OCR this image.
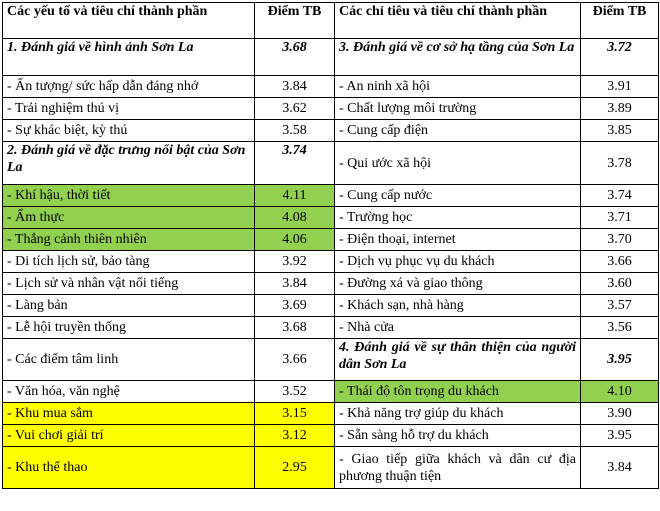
Các yếu tố và tiêu chí thành phần	Điểm TB	Các chỉ tiêu và tiêu chí thành phần	Điểm TB
1. Đánh giá về hình ảnh Sơn La	3.68	3. Đánh giá về cơ sở hạ tầng của Sơn La	3.72
- Ấn tượng/ sức hấp dẫn đáng nhớ	3.84	- An ninh xã hội	3.91
- Trải nghiệm thú vị	3.62	- Chất lượng môi trường	3.89
- Sự khác biệt, kỳ thú	3.58	- Cung cấp điện	3.85
2. Đánh giá về đặc trưng nổi bật của Sơn La	3.74	- Qui ước xã hội	3.78
- Khí hậu, thời tiết	4.11	- Cung cấp nước	3.74
- Ẩm thực	4.08	- Trường học	3.71
- Thắng cảnh thiên nhiên	4.06	- Điện thoại, internet	3.70
- Di tích lịch sử, bảo tàng	3.92	- Dịch vụ phục vụ du khách	3.66
- Lịch sử và nhân vật nổi tiếng	3.84	- Đường xá và giao thông	3.60
- Làng bản	3.69	- Khách sạn, nhà hàng	3.57
- Lễ hội truyền thống	3.68	- Nhà cửa	3.56
- Các điểm tâm linh	3.66	4. Đánh giá về sự thân thiện của người dân Sơn La	3.95
- Văn hóa, văn nghệ	3.52	- Thái độ tôn trọng du khách	4.10
- Khu mua sắm	3.15	- Khả năng trợ giúp du khách	3.90
- Vui chơi giải trí	3.12	- Sẵn sàng hỗ trợ du khách	3.95
- Khu thể thao	2.95	- Giao tiếp giữa khách và dân cư địa phương thuận tiện	3.84
